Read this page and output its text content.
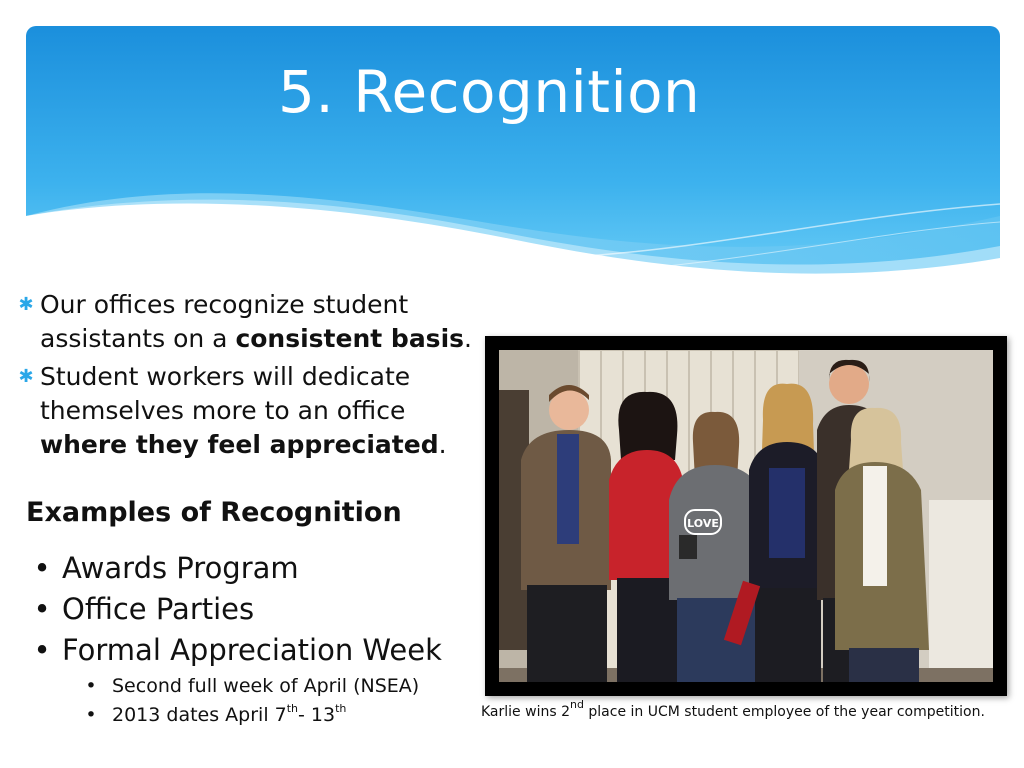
5. Recognition
✱ Our offices recognize student assistants on a consistent basis.
✱ Student workers will dedicate themselves more to an office where they feel appreciated.
Examples of Recognition
• Awards Program
• Office Parties
• Formal Appreciation Week
• Second full week of April (NSEA)
• 2013 dates April 7th- 13th
LOVE
Karlie wins 2nd place in UCM student employee of the year competition.
